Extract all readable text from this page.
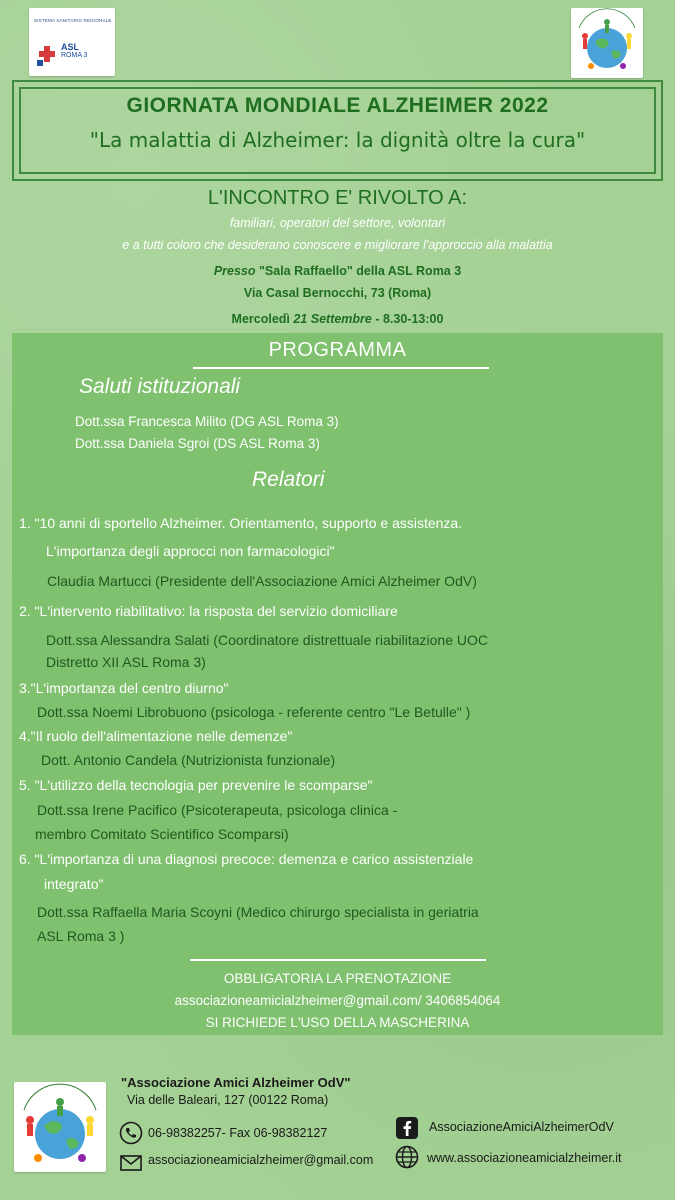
SISTEMA SANITARIO REGIONALE
ASL
ROMA 3
GIORNATA MONDIALE ALZHEIMER 2022
"La malattia di Alzheimer: la dignità oltre la cura"
L'INCONTRO E' RIVOLTO A:
familiari, operatori del settore, volontari
e a tutti coloro che desiderano conoscere e migliorare l'approccio alla malattia
Presso "Sala Raffaello" della ASL Roma 3
Via Casal Bernocchi, 73 (Roma)
Mercoledì 21 Settembre - 8.30-13:00
PROGRAMMA
Saluti istituzionali
Dott.ssa Francesca Milito (DG ASL Roma 3)
Dott.ssa Daniela Sgroi (DS ASL Roma 3)
Relatori
1. "10 anni di sportello Alzheimer. Orientamento, supporto e assistenza.
L'importanza degli approcci non farmacologici"
Claudia Martucci (Presidente dell'Associazione Amici Alzheimer OdV)
2. "L'intervento riabilitativo: la risposta del servizio domiciliare
Dott.ssa Alessandra Salati (Coordinatore distrettuale riabilitazione UOC
Distretto XII ASL Roma 3)
3."L'importanza del centro diurno"
Dott.ssa Noemi Librobuono (psicologa - referente centro "Le Betulle" )
4."Il ruolo dell'alimentazione nelle demenze"
Dott. Antonio Candela (Nutrizionista funzionale)
5. "L'utilizzo della tecnologia per prevenire le scomparse"
Dott.ssa Irene Pacifico (Psicoterapeuta, psicologa clinica -
membro Comitato Scientifico Scomparsi)
6. "L'importanza di una diagnosi precoce: demenza e carico assistenziale
integrato"
Dott.ssa Raffaella Maria Scoyni (Medico chirurgo specialista in geriatria
ASL Roma 3 )
OBBLIGATORIA LA PRENOTAZIONE
associazioneamicialzheimer@gmail.com/ 3406854064
SI RICHIEDE L'USO DELLA MASCHERINA
"Associazione Amici Alzheimer OdV"
Via delle Baleari, 127 (00122 Roma)
06-98382257- Fax 06-98382127
associazioneamicialzheimer@gmail.com
AssociazioneAmiciAlzheimerOdV
www.associazioneamicialzheimer.it
